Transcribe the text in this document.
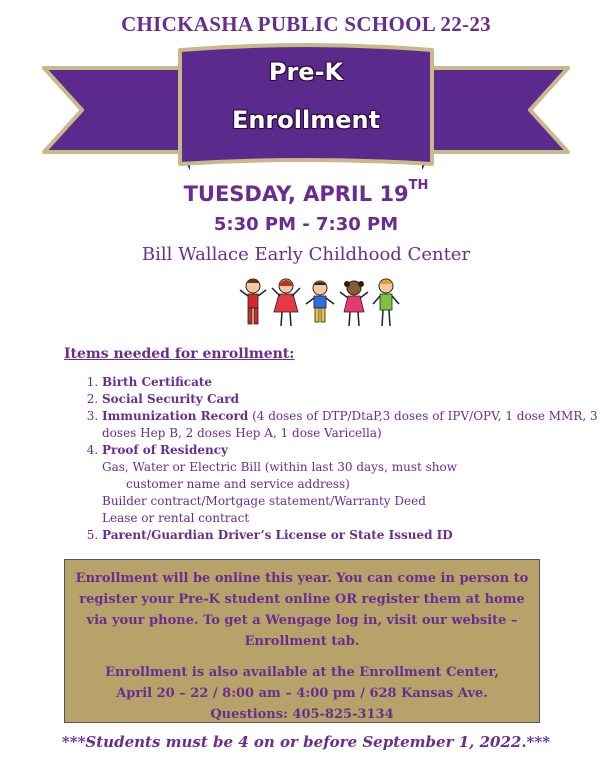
CHICKASHA PUBLIC SCHOOL 22-23
Pre-K
Enrollment
TUESDAY, APRIL 19TH
5:30 PM - 7:30 PM
Bill Wallace Early Childhood Center
Items needed for enrollment:
1. Birth Certificate
2. Social Security Card
3. Immunization Record (4 doses of DTP/DtaP,3 doses of IPV/OPV, 1 dose MMR, 3 doses Hep B, 2 doses Hep A, 1 dose Varicella)
4. Proof of Residency
Gas, Water or Electric Bill (within last 30 days, must show
customer name and service address)
Builder contract/Mortgage statement/Warranty Deed
Lease or rental contract
5. Parent/Guardian Driver’s License or State Issued ID

Enrollment will be online this year. You can come in person to register your Pre-K student online OR register them at home via your phone. To get a Wengage log in, visit our website – Enrollment tab.

Enrollment is also available at the Enrollment Center,
April 20 – 22 / 8:00 am – 4:00 pm / 628 Kansas Ave.
Questions: 405-825-3134

***Students must be 4 on or before September 1, 2022.***
